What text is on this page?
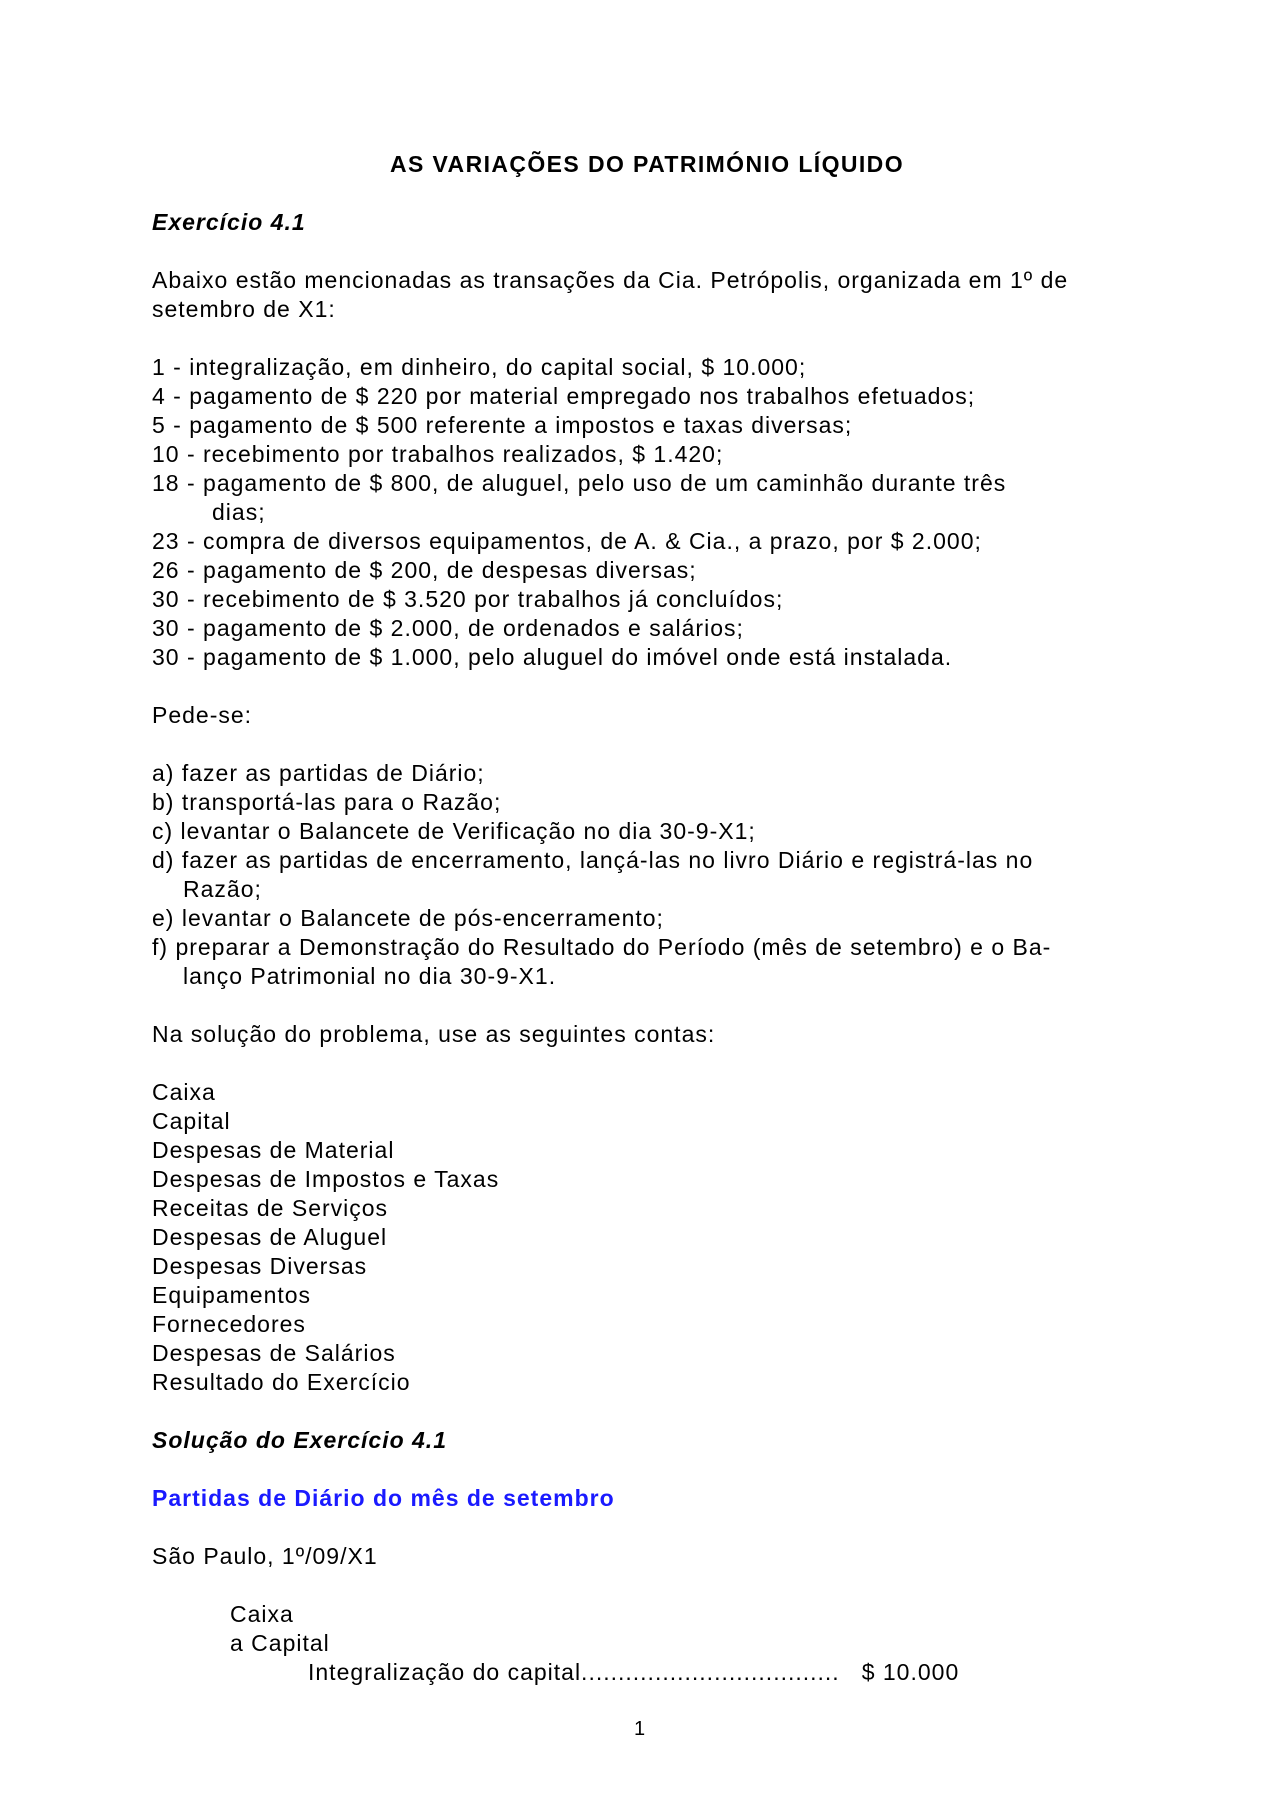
AS VARIAÇÕES DO PATRIMÓNIO LÍQUIDO
Exercício 4.1
Abaixo estão mencionadas as transações da Cia. Petrópolis, organizada em 1º de
setembro de X1:
1 - integralização, em dinheiro, do capital social, $ 10.000;
4 - pagamento de $ 220 por material empregado nos trabalhos efetuados;
5 - pagamento de $ 500 referente a impostos e taxas diversas;
10 - recebimento por trabalhos realizados, $ 1.420;
18 - pagamento de $ 800, de aluguel, pelo uso de um caminhão durante três
dias;
23 - compra de diversos equipamentos, de A. & Cia., a prazo, por $ 2.000;
26 - pagamento de $ 200, de despesas diversas;
30 - recebimento de $ 3.520 por trabalhos já concluídos;
30 - pagamento de $ 2.000, de ordenados e salários;
30 - pagamento de $ 1.000, pelo aluguel do imóvel onde está instalada.
Pede-se:
a) fazer as partidas de Diário;
b) transportá-las para o Razão;
c) levantar o Balancete de Verificação no dia 30-9-X1;
d) fazer as partidas de encerramento, lançá-las no livro Diário e registrá-las no
Razão;
e) levantar o Balancete de pós-encerramento;
f) preparar a Demonstração do Resultado do Período (mês de setembro) e o Ba-
lanço Patrimonial no dia 30-9-X1.
Na solução do problema, use as seguintes contas:
Caixa
Capital
Despesas de Material
Despesas de Impostos e Taxas
Receitas de Serviços
Despesas de Aluguel
Despesas Diversas
Equipamentos
Fornecedores
Despesas de Salários
Resultado do Exercício
Solução do Exercício 4.1
Partidas de Diário do mês de setembro
São Paulo, 1º/09/X1
Caixa
a Capital
Integralização do capital................................... $ 10.000
1
